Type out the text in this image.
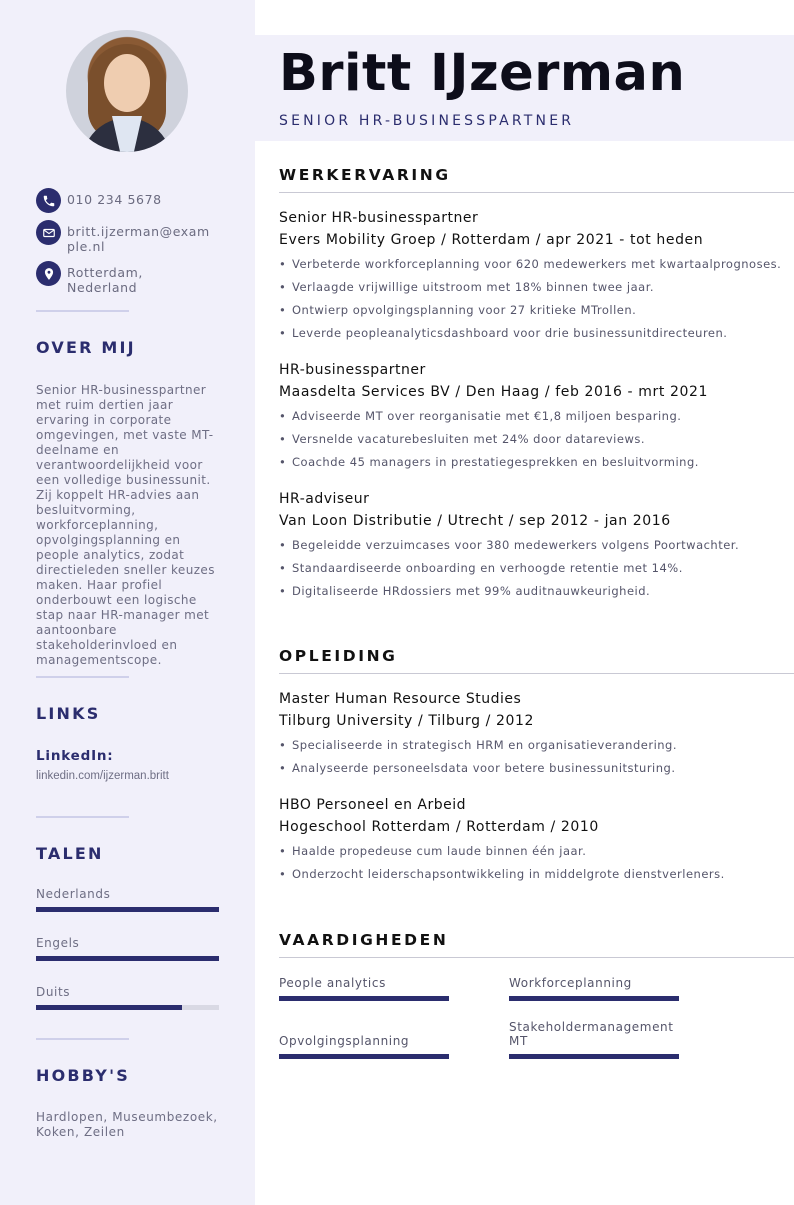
010 234 5678
britt.ijzerman@example.nl
Rotterdam, Nederland
OVER MIJ
Senior HR-businesspartner met ruim dertien jaar ervaring in corporate omgevingen, met vaste MT-deelname en verantwoordelijkheid voor een volledige businessunit. Zij koppelt HR-advies aan besluitvorming, workforceplanning, opvolgingsplanning en people analytics, zodat directieleden sneller keuzes maken. Haar profiel onderbouwt een logische stap naar HR-manager met aantoonbare stakeholderinvloed en managementscope.
LINKS
LinkedIn:
linkedin.com/ijzerman.britt
TALEN
Nederlands
Engels
Duits
HOBBY'S
Hardlopen, Museumbezoek, Koken, Zeilen
Britt IJzerman
SENIOR HR-BUSINESSPARTNER
WERKERVARING
Senior HR-businesspartner
Evers Mobility Groep / Rotterdam / apr 2021 - tot heden
• Verbeterde workforceplanning voor 620 medewerkers met kwartaalprognoses.
• Verlaagde vrijwillige uitstroom met 18% binnen twee jaar.
• Ontwierp opvolgingsplanning voor 27 kritieke MTrollen.
• Leverde peopleanalyticsdashboard voor drie businessunitdirecteuren.
HR-businesspartner
Maasdelta Services BV / Den Haag / feb 2016 - mrt 2021
• Adviseerde MT over reorganisatie met €1,8 miljoen besparing.
• Versnelde vacaturebesluiten met 24% door datareviews.
• Coachde 45 managers in prestatiegesprekken en besluitvorming.
HR-adviseur
Van Loon Distributie / Utrecht / sep 2012 - jan 2016
• Begeleidde verzuimcases voor 380 medewerkers volgens Poortwachter.
• Standaardiseerde onboarding en verhoogde retentie met 14%.
• Digitaliseerde HRdossiers met 99% auditnauwkeurigheid.
OPLEIDING
Master Human Resource Studies
Tilburg University / Tilburg / 2012
• Specialiseerde in strategisch HRM en organisatieverandering.
• Analyseerde personeelsdata voor betere businessunitsturing.
HBO Personeel en Arbeid
Hogeschool Rotterdam / Rotterdam / 2010
• Haalde propedeuse cum laude binnen één jaar.
• Onderzocht leiderschapsontwikkeling in middelgrote dienstverleners.
VAARDIGHEDEN
People analytics	Workforceplanning
Opvolgingsplanning
Stakeholdermanagement MT
